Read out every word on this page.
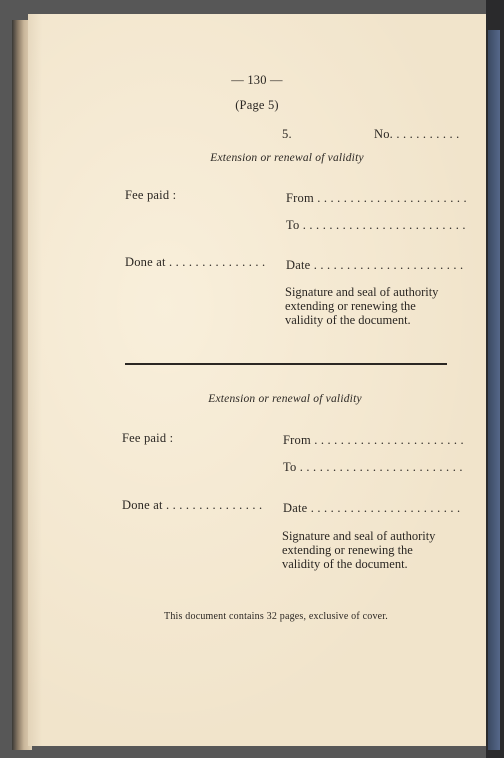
— 130 —
(Page 5)
5.	No. . . . . . . . . . .
Extension or renewal of validity
Fee paid :	From . . . . . . . . . . . . . . . . . . . . . . .
To . . . . . . . . . . . . . . . . . . . . . . . . .
Done at . . . . . . . . . . . . . . . Date . . . . . . . . . . . . . . . . . . . . . . .
Signature and seal of authority
extending or renewing the
validity of the document.
Extension or renewal of validity
Fee paid :	From . . . . . . . . . . . . . . . . . . . . . . .
To . . . . . . . . . . . . . . . . . . . . . . . . .
Done at . . . . . . . . . . . . . . . Date . . . . . . . . . . . . . . . . . . . . . . .
Signature and seal of authority
extending or renewing the
validity of the document.
This document contains 32 pages, exclusive of cover.
